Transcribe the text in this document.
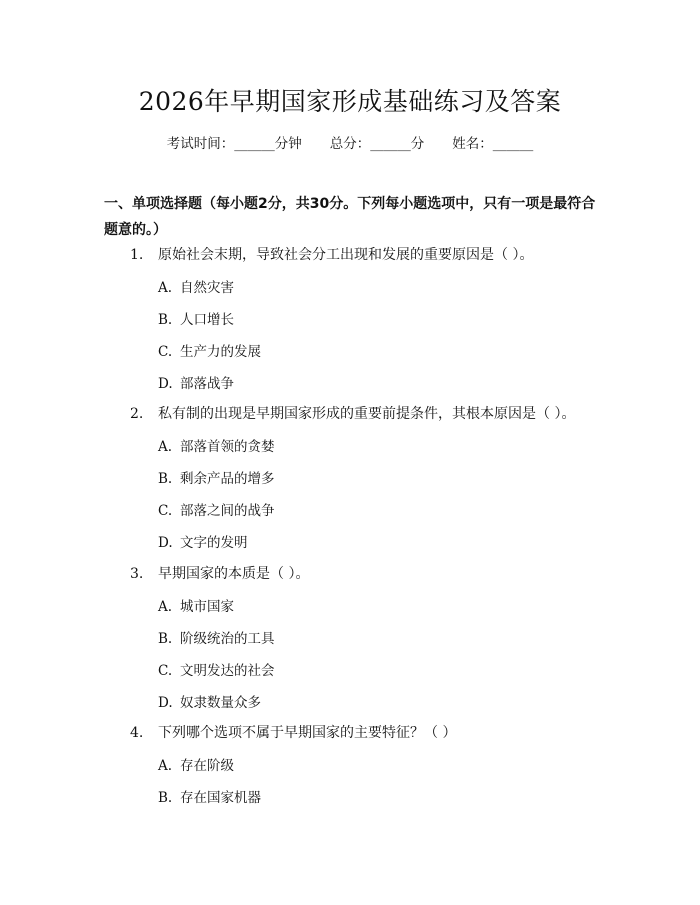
2026年早期国家形成基础练习及答案
考试时间：______分钟 总分：______分 姓名：______
一、单项选择题（每小题2分，共30分。下列每小题选项中，只有一项是最符合题意的。）
1. 原始社会末期，导致社会分工出现和发展的重要原因是（ ）。
A. 自然灾害
B. 人口增长
C. 生产力的发展
D. 部落战争
2. 私有制的出现是早期国家形成的重要前提条件，其根本原因是（ ）。
A. 部落首领的贪婪
B. 剩余产品的增多
C. 部落之间的战争
D. 文字的发明
3. 早期国家的本质是（ ）。
A. 城市国家
B. 阶级统治的工具
C. 文明发达的社会
D. 奴隶数量众多
4. 下列哪个选项不属于早期国家的主要特征？（ ）
A. 存在阶级
B. 存在国家机器
